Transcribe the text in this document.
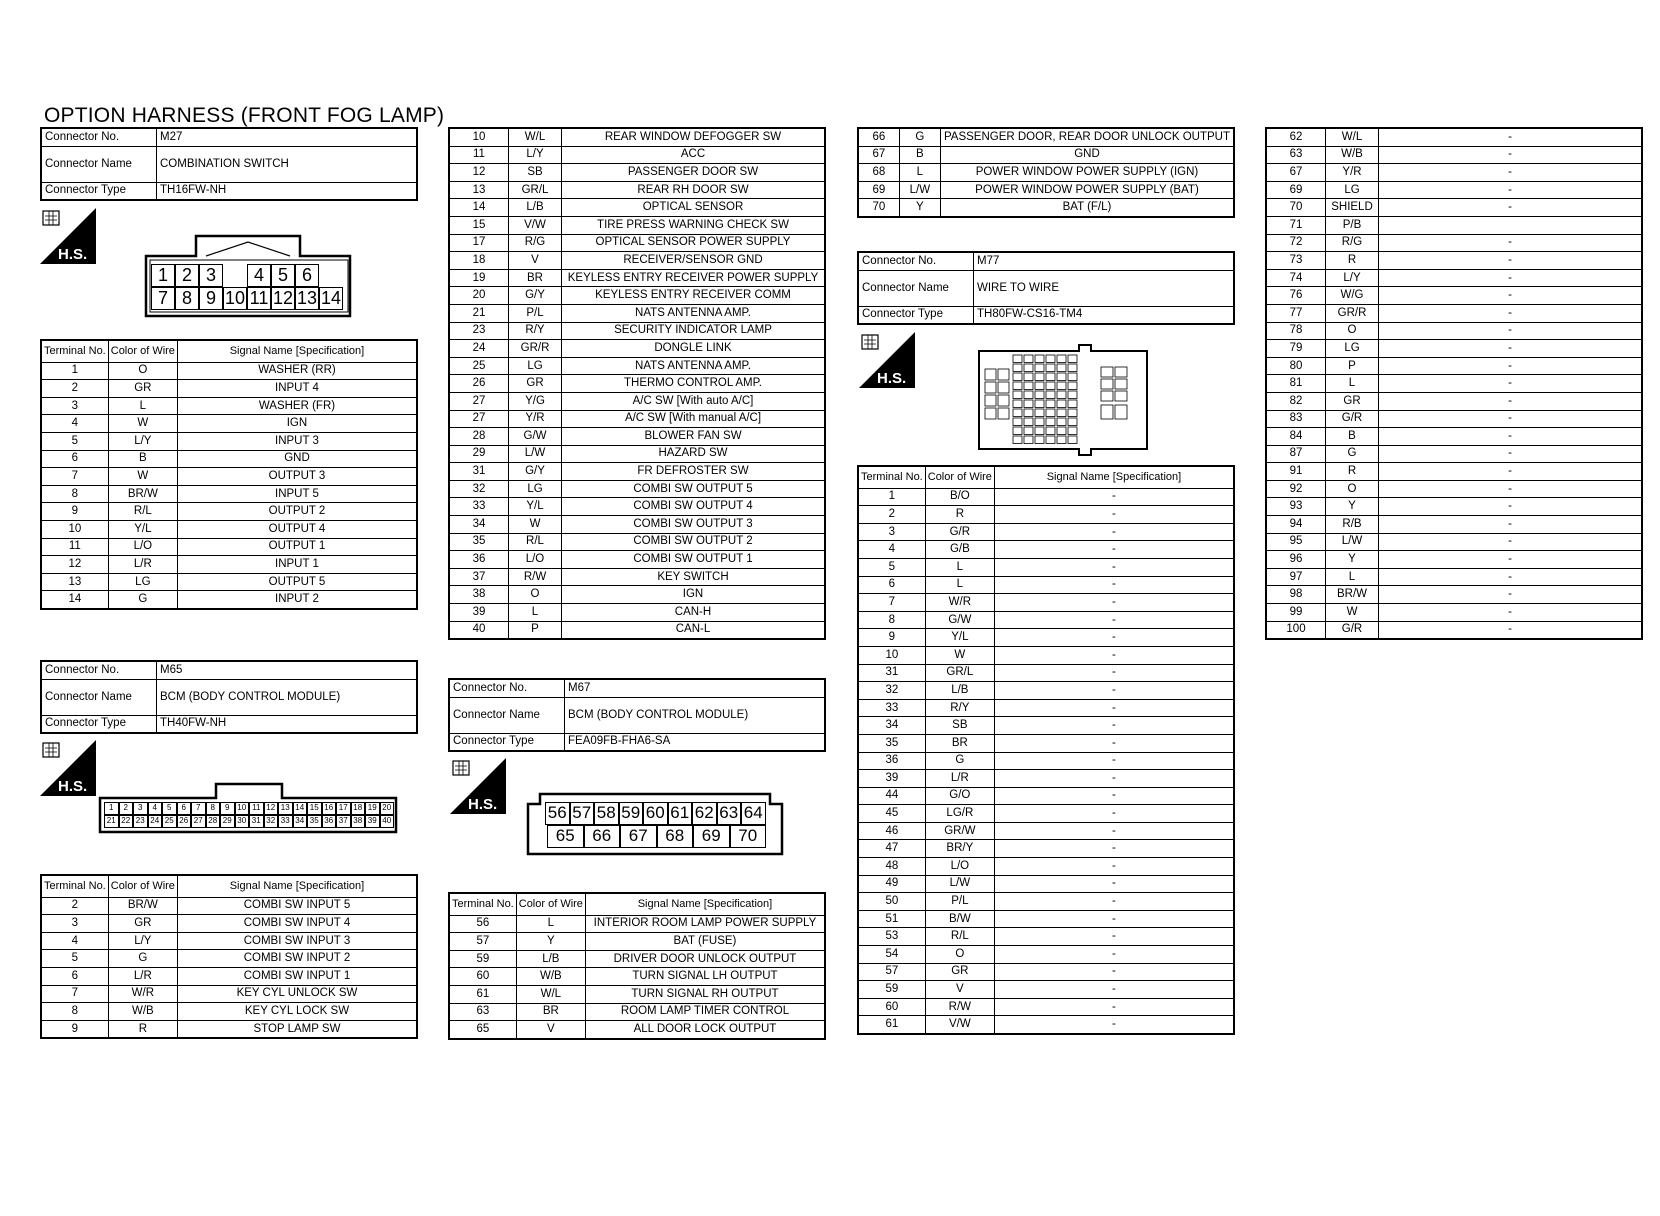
OPTION HARNESS (FRONT FOG LAMP)
Connector No.	M27
Connector Name	COMBINATION SWITCH
Connector Type	TH16FW-NH
H.S.
1 2 3	4 5 6
7 8 9 10 11 12 13 14
Terminal No.	Color of Wire	Signal Name [Specification]
1	O	WASHER (RR)
2	GR	INPUT 4
3	L	WASHER (FR)
4	W	IGN
5	L/Y	INPUT 3
6	B	GND
7	W	OUTPUT 3
8	BR/W	INPUT 5
9	R/L	OUTPUT 2
10	Y/L	OUTPUT 4
11	L/O	OUTPUT 1
12	L/R	INPUT 1
13	LG	OUTPUT 5
14	G	INPUT 2
Connector No.	M65
Connector Name	BCM (BODY CONTROL MODULE)
Connector Type	TH40FW-NH
H.S.
1	2	3	4	5	6	7	8	9 10 11 12 13 14 15 16 17 18 19 20
21 22 23 24 25 26 27 28 29 30 31 32 33 34 35 36 37 38 39 40
Terminal No.	Color of Wire	Signal Name [Specification]
2	BR/W	COMBI SW INPUT 5
3	GR	COMBI SW INPUT 4
4	L/Y	COMBI SW INPUT 3
5	G	COMBI SW INPUT 2
6	L/R	COMBI SW INPUT 1
7	W/R	KEY CYL UNLOCK SW
8	W/B	KEY CYL LOCK SW
9	R	STOP LAMP SW
10	W/L	REAR WINDOW DEFOGGER SW
11	L/Y	ACC
12	SB	PASSENGER DOOR SW
13	GR/L	REAR RH DOOR SW
14	L/B	OPTICAL SENSOR
15	V/W	TIRE PRESS WARNING CHECK SW
17	R/G	OPTICAL SENSOR POWER SUPPLY
18	V	RECEIVER/SENSOR GND
19	BR	KEYLESS ENTRY RECEIVER POWER SUPPLY
20	G/Y	KEYLESS ENTRY RECEIVER COMM
21	P/L	NATS ANTENNA AMP.
23	R/Y	SECURITY INDICATOR LAMP
24	GR/R	DONGLE LINK
25	LG	NATS ANTENNA AMP.
26	GR	THERMO CONTROL AMP.
27	Y/G	A/C SW [With auto A/C]
27	Y/R	A/C SW [With manual A/C]
28	G/W	BLOWER FAN SW
29	L/W	HAZARD SW
31	G/Y	FR DEFROSTER SW
32	LG	COMBI SW OUTPUT 5
33	Y/L	COMBI SW OUTPUT 4
34	W	COMBI SW OUTPUT 3
35	R/L	COMBI SW OUTPUT 2
36	L/O	COMBI SW OUTPUT 1
37	R/W	KEY SWITCH
38	O	IGN
39	L	CAN-H
40	P	CAN-L
Connector No.	M67
Connector Name	BCM (BODY CONTROL MODULE)
Connector Type	FEA09FB-FHA6-SA
H.S.	56 57 58 59 60 61 62 63 64
65	66	67	68	69	70
Terminal No.	Color of Wire	Signal Name [Specification]
56	L	INTERIOR ROOM LAMP POWER SUPPLY
57	Y	BAT (FUSE)
59	L/B	DRIVER DOOR UNLOCK OUTPUT
60	W/B	TURN SIGNAL LH OUTPUT
61	W/L	TURN SIGNAL RH OUTPUT
63	BR	ROOM LAMP TIMER CONTROL
65	V	ALL DOOR LOCK OUTPUT
66	G	PASSENGER DOOR, REAR DOOR UNLOCK OUTPUT
67	B	GND
68	L	POWER WINDOW POWER SUPPLY (IGN)
69	L/W	POWER WINDOW POWER SUPPLY (BAT)
70	Y	BAT (F/L)
Connector No.	M77
Connector Name	WIRE TO WIRE
Connector Type	TH80FW-CS16-TM4
H.S.
Terminal No.	Color of Wire	Signal Name [Specification]
1	B/O	-
2	R	-
3	G/R	-
4	G/B	-
5	L	-
6	L	-
7	W/R	-
8	G/W	-
9	Y/L	-
10	W	-
31	GR/L	-
32	L/B	-
33	R/Y	-
34	SB	-
35	BR	-
36	G	-
39	L/R	-
44	G/O	-
45	LG/R	-
46	GR/W	-
47	BR/Y	-
48	L/O	-
49	L/W	-
50	P/L	-
51	B/W	-
53	R/L	-
54	O	-
57	GR	-
59	V	-
60	R/W	-
61	V/W	-
62	W/L	-
63	W/B	-
67	Y/R	-
69	LG	-
70	SHIELD	-
71	P/B	
72	R/G	-
73	R	-
74	L/Y	-
76	W/G	-
77	GR/R	-
78	O	-
79	LG	-
80	P	-
81	L	-
82	GR	-
83	G/R	-
84	B	-
87	G	-
91	R	-
92	O	-
93	Y	-
94	R/B	-
95	L/W	-
96	Y	-
97	L	-
98	BR/W	-
99	W	-
100	G/R	-
